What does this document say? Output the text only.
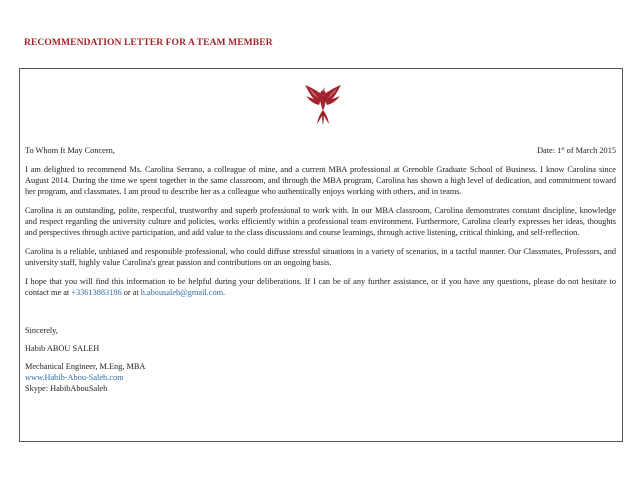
RECOMMENDATION LETTER FOR A TEAM MEMBER
To Whom It May Concern,	Date: 1st of March 2015

I am delighted to recommend Ms. Carolina Serrano, a colleague of mine, and a current MBA professional at Grenoble Graduate School of Business. I know Carolina since August 2014. During the time we spent together in the same classroom, and through the MBA program, Carolina has shown a high level of dedication, and commitment toward her program, and classmates. I am proud to describe her as a colleague who authentically enjoys working with others, and in teams.

Carolina is an outstanding, polite, respectful, trustworthy and superb professional to work with. In our MBA classroom, Carolina demonstrates constant discipline, knowledge and respect regarding the university culture and policies, works efficiently within a professional team environment. Furthermore, Carolina clearly expresses her ideas, thoughts and perspectives through active participation, and add value to the class discussions and course learnings, through active listening, critical thinking, and self-reflection.

Carolina is a reliable, unbiased and responsible professional, who could diffuse stressful situations in a variety of scenarios, in a tactful manner. Our Classmates, Professors, and university staff, highly value Carolina's great passion and contributions on an ongoing basis.

I hope that you will find this information to be helpful during your deliberations. If I can be of any further assistance, or if you have any questions, please do not hesitate to contact me at +33613883186 or at h.abousaleh@gmail.com.

Sincerely,
Habib ABOU SALEH
Mechanical Engineer, M.Eng, MBA
www.Habib-Abou-Saleh.com
Skype: HabibAbouSaleh
